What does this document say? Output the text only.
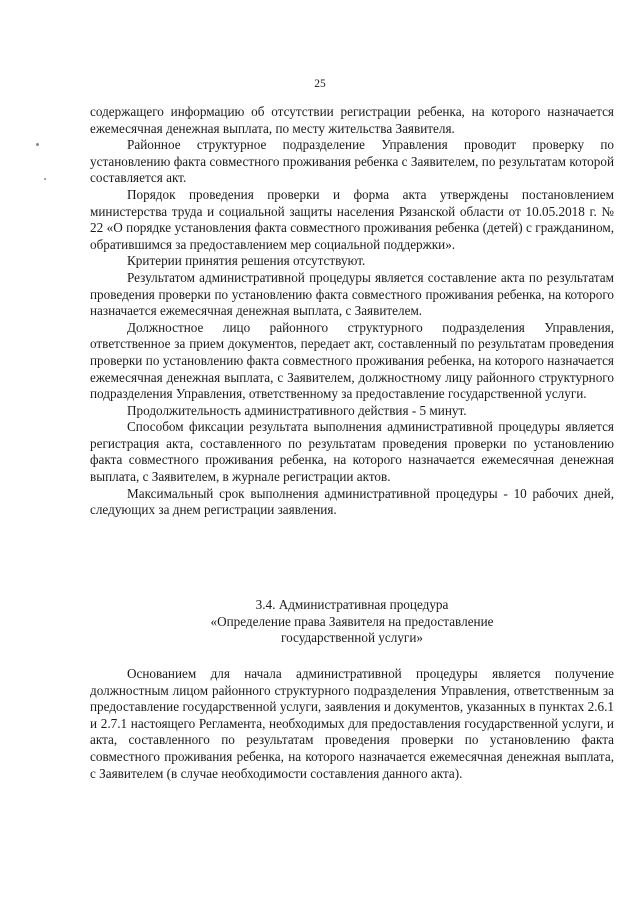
25

содержащего информацию об отсутствии регистрации ребенка, на которого назначается ежемесячная денежная выплата, по месту жительства Заявителя.

Районное структурное подразделение Управления проводит проверку по установлению факта совместного проживания ребенка с Заявителем, по результатам которой составляется акт.

Порядок проведения проверки и форма акта утверждены постановлением министерства труда и социальной защиты населения Рязанской области от 10.05.2018 г. № 22 «О порядке установления факта совместного проживания ребенка (детей) с гражданином, обратившимся за предоставлением мер социальной поддержки».

Критерии принятия решения отсутствуют.

Результатом административной процедуры является составление акта по результатам проведения проверки по установлению факта совместного проживания ребенка, на которого назначается ежемесячная денежная выплата, с Заявителем.

Должностное лицо районного структурного подразделения Управления, ответственное за прием документов, передает акт, составленный по результатам проведения проверки по установлению факта совместного проживания ребенка, на которого назначается ежемесячная денежная выплата, с Заявителем, должностному лицу районного структурного подразделения Управления, ответственному за предоставление государственной услуги.

Продолжительность административного действия - 5 минут.

Способом фиксации результата выполнения административной процедуры является регистрация акта, составленного по результатам проведения проверки по установлению факта совместного проживания ребенка, на которого назначается ежемесячная денежная выплата, с Заявителем, в журнале регистрации актов.

Максимальный срок выполнения административной процедуры - 10 рабочих дней, следующих за днем регистрации заявления.

3.4. Административная процедура
«Определение права Заявителя на предоставление
государственной услуги»

Основанием для начала административной процедуры является получение должностным лицом районного структурного подразделения Управления, ответственным за предоставление государственной услуги, заявления и документов, указанных в пунктах 2.6.1 и 2.7.1 настоящего Регламента, необходимых для предоставления государственной услуги, и акта, составленного по результатам проведения проверки по установлению факта совместного проживания ребенка, на которого назначается ежемесячная денежная выплата, с Заявителем (в случае необходимости составления данного акта).
